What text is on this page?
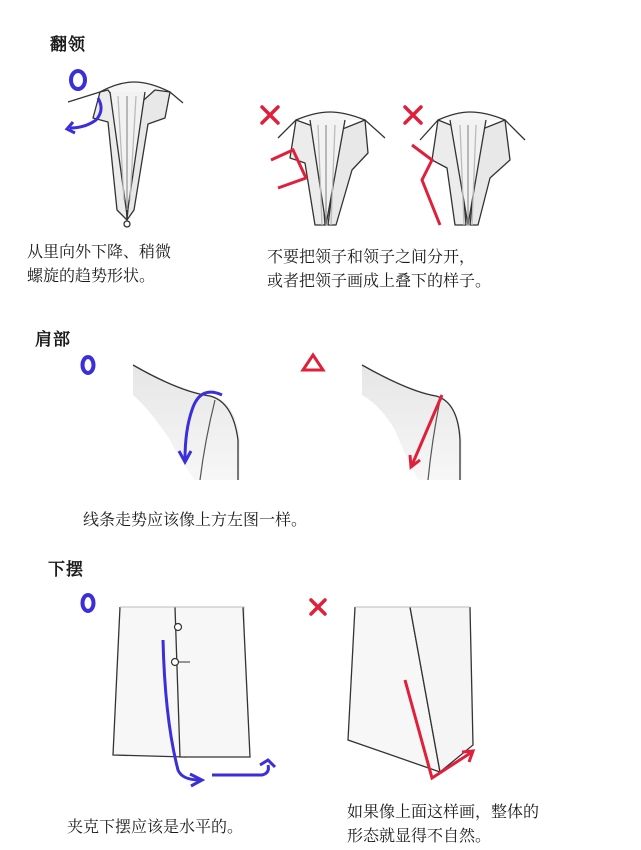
翻领
肩部
下摆
从里向外下降、稍微
螺旋的趋势形状。
不要把领子和领子之间分开，
或者把领子画成上叠下的样子。
线条走势应该像上方左图一样。
夹克下摆应该是水平的。
如果像上面这样画，整体的
形态就显得不自然。
